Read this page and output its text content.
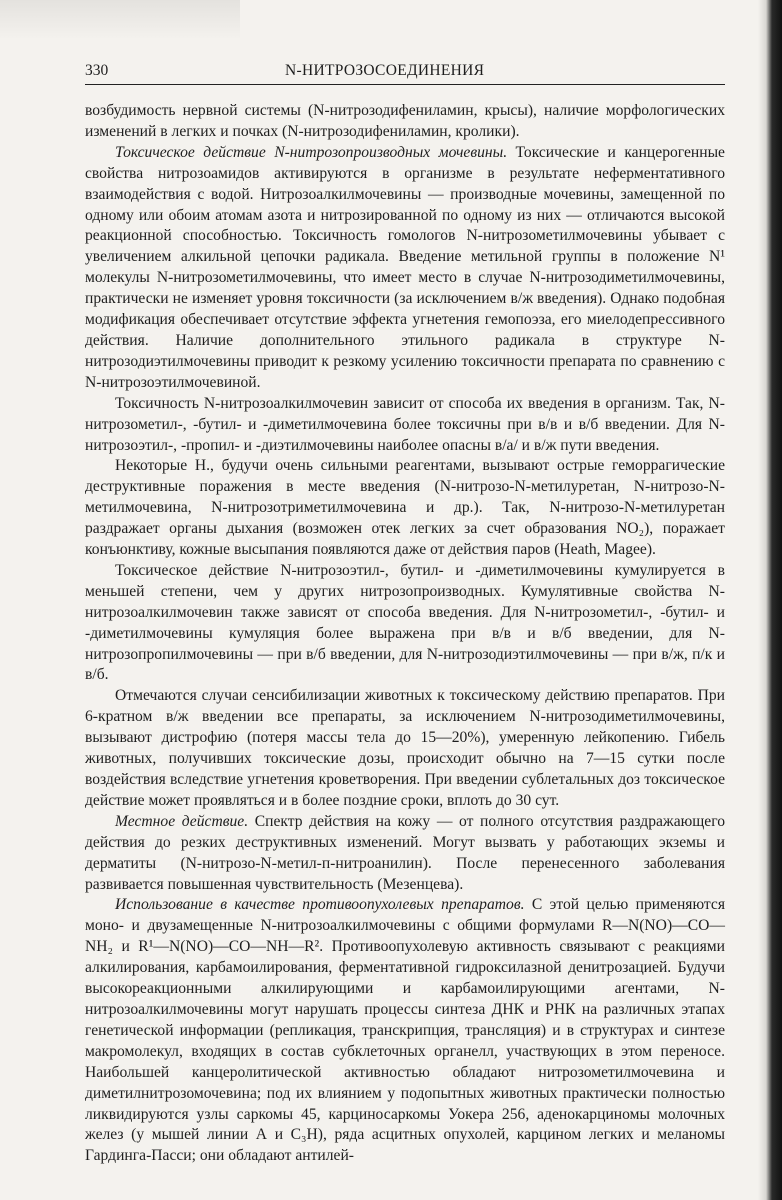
330	N-НИТРОЗОСОЕДИНЕНИЯ

возбудимость нервной системы (N-нитрозодифениламин, крысы), наличие морфологических изменений в легких и почках (N-нитрозодифениламин, кролики).

Токсическое действие N-нитрозопроизводных мочевины. Токсические и канцерогенные свойства нитрозоамидов активируются в организме в результате неферментативного взаимодействия с водой. Нитрозоалкилмочевины — производные мочевины, замещенной по одному или обоим атомам азота и нитрозированной по одному из них — отличаются высокой реакционной способностью. Токсичность гомологов N-нитрозометилмочевины убывает с увеличением алкильной цепочки радикала. Введение метильной группы в положение N¹ молекулы N-нитрозометилмочевины, что имеет место в случае N-нитрозодиметилмочевины, практически не изменяет уровня токсичности (за исключением в/ж введения). Однако подобная модификация обеспечивает отсутствие эффекта угнетения гемопоэза, его миелодепрессивного действия. Наличие дополнительного этильного радикала в структуре N-нитрозодиэтилмочевины приводит к резкому усилению токсичности препарата по сравнению с N-нитрозоэтилмочевиной.

Токсичность N-нитрозоалкилмочевин зависит от способа их введения в организм. Так, N-нитрозометил-, -бутил- и -диметилмочевина более токсичны при в/в и в/б введении. Для N-нитрозоэтил-, -пропил- и -диэтилмочевины наиболее опасны в/а/ и в/ж пути введения.

Некоторые Н., будучи очень сильными реагентами, вызывают острые геморрагические деструктивные поражения в месте введения (N-нитрозо-N-метилуретан, N-нитрозо-N-метилмочевина, N-нитрозотриметилмочевина и др.). Так, N-нитрозо-N-метилуретан раздражает органы дыхания (возможен отек легких за счет образования NO₂), поражает конъюнктиву, кожные высыпания появляются даже от действия паров (Heath, Magee).

Токсическое действие N-нитрозоэтил-, бутил- и -диметилмочевины кумулируется в меньшей степени, чем у других нитрозопроизводных. Кумулятивные свойства N-нитрозоалкилмочевин также зависят от способа введения. Для N-нитрозометил-, -бутил- и -диметилмочевины кумуляция более выражена при в/в и в/б введении, для N-нитрозопропилмочевины — при в/б введении, для N-нитрозодиэтилмочевины — при в/ж, п/к и в/б.

Отмечаются случаи сенсибилизации животных к токсическому действию препаратов. При 6-кратном в/ж введении все препараты, за исключением N-нитрозодиметилмочевины, вызывают дистрофию (потеря массы тела до 15—20%), умеренную лейкопению. Гибель животных, получивших токсические дозы, происходит обычно на 7—15 сутки после воздействия вследствие угнетения кроветворения. При введении сублетальных доз токсическое действие может проявляться и в более поздние сроки, вплоть до 30 сут.

Местное действие. Спектр действия на кожу — от полного отсутствия раздражающего действия до резких деструктивных изменений. Могут вызвать у работающих экземы и дерматиты (N-нитрозо-N-метил-п-нитроанилин). После перенесенного заболевания развивается повышенная чувствительность (Мезенцева).

Использование в качестве противоопухолевых препаратов. С этой целью применяются моно- и двузамещенные N-нитрозоалкилмочевины с общими формулами R—N(NO)—CO—NH₂ и R¹—N(NO)—CO—NH—R². Противоопухолевую активность связывают с реакциями алкилирования, карбамоилирования, ферментативной гидроксилазной денитрозацией. Будучи высокореакционными алкилирующими и карбамоилирующими агентами, N-нитрозоалкилмочевины могут нарушать процессы синтеза ДНК и РНК на различных этапах генетической информации (репликация, транскрипция, трансляция) и в структурах и синтезе макромолекул, входящих в состав субклеточных органелл, участвующих в этом переносе. Наибольшей канцеролитической активностью обладают нитрозометилмочевина и диметилнитрозомочевина; под их влиянием у подопытных животных практически полностью ликвидируются узлы саркомы 45, карциносаркомы Уокера 256, аденокарциномы молочных желез (у мышей линии А и C₃H), ряда асцитных опухолей, карцином легких и меланомы Гардинга-Пасси; они обладают антилей-
